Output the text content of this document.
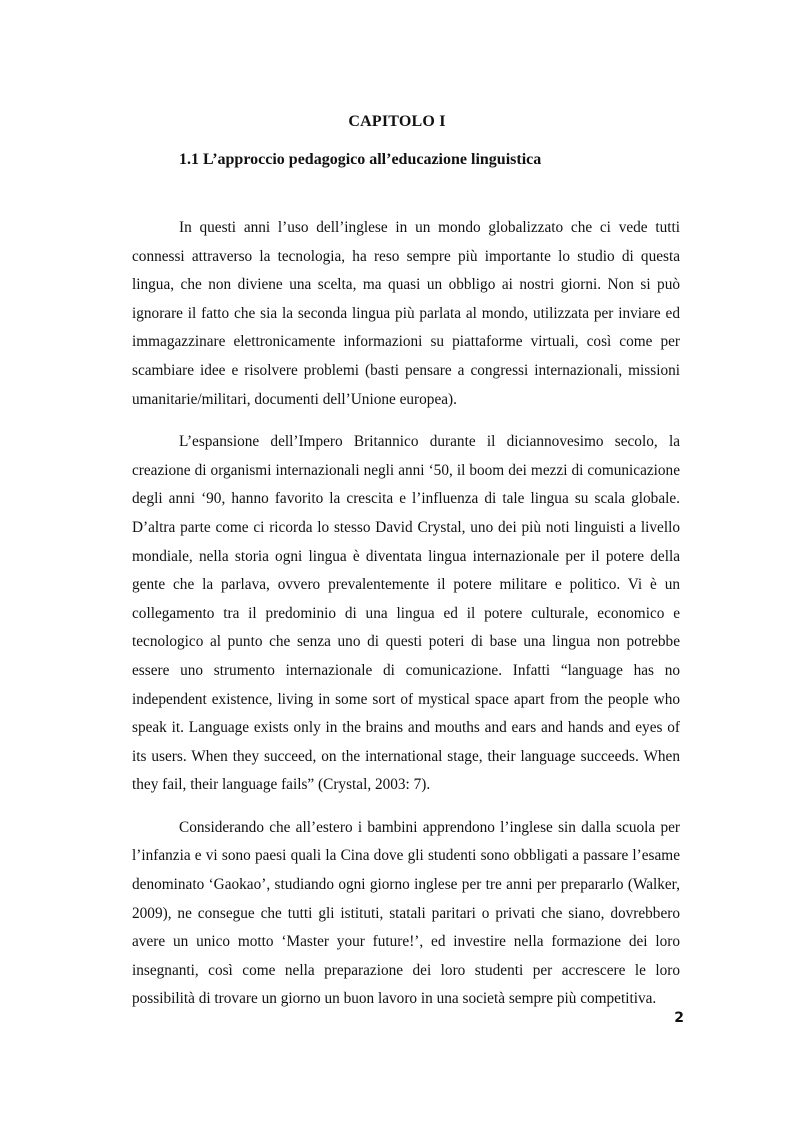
CAPITOLO I
1.1 L’approccio pedagogico all’educazione linguistica

In questi anni l’uso dell’inglese in un mondo globalizzato che ci vede tutti connessi attraverso la tecnologia, ha reso sempre più importante lo studio di questa lingua, che non diviene una scelta, ma quasi un obbligo ai nostri giorni. Non si può ignorare il fatto che sia la seconda lingua più parlata al mondo, utilizzata per inviare ed immagazzinare elettronicamente informazioni su piattaforme virtuali, così come per scambiare idee e risolvere problemi (basti pensare a congressi internazionali, missioni umanitarie/militari, documenti dell’Unione europea).

L’espansione dell’Impero Britannico durante il diciannovesimo secolo, la creazione di organismi internazionali negli anni ‘50, il boom dei mezzi di comunicazione degli anni ‘90, hanno favorito la crescita e l’influenza di tale lingua su scala globale. D’altra parte come ci ricorda lo stesso David Crystal, uno dei più noti linguisti a livello mondiale, nella storia ogni lingua è diventata lingua internazionale per il potere della gente che la parlava, ovvero prevalentemente il potere militare e politico. Vi è un collegamento tra il predominio di una lingua ed il potere culturale, economico e tecnologico al punto che senza uno di questi poteri di base una lingua non potrebbe essere uno strumento internazionale di comunicazione. Infatti “language has no independent existence, living in some sort of mystical space apart from the people who speak it. Language exists only in the brains and mouths and ears and hands and eyes of its users. When they succeed, on the international stage, their language succeeds. When they fail, their language fails” (Crystal, 2003: 7).

Considerando che all’estero i bambini apprendono l’inglese sin dalla scuola per l’infanzia e vi sono paesi quali la Cina dove gli studenti sono obbligati a passare l’esame denominato ‘Gaokao’, studiando ogni giorno inglese per tre anni per prepararlo (Walker, 2009), ne consegue che tutti gli istituti, statali paritari o privati che siano, dovrebbero avere un unico motto ‘Master your future!’, ed investire nella formazione dei loro insegnanti, così come nella preparazione dei loro studenti per accrescere le loro possibilità di trovare un giorno un buon lavoro in una società sempre più competitiva.

2
